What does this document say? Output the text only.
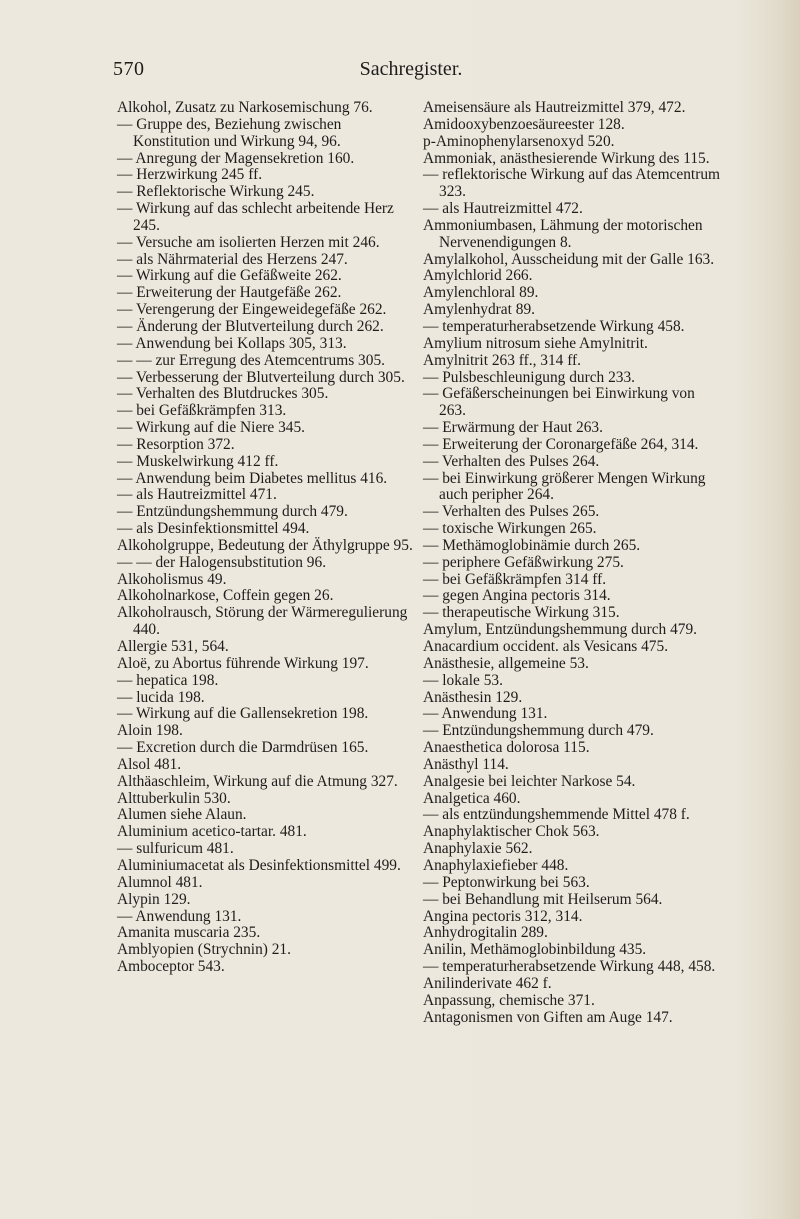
570	Sachregister.
Alkohol, Zusatz zu Narkosemischung 76.
— Gruppe des, Beziehung zwischen Konstitution und Wirkung 94, 96.
— Anregung der Magensekretion 160.
— Herzwirkung 245 ff.
— Reflektorische Wirkung 245.
— Wirkung auf das schlecht arbeitende Herz 245.
— Versuche am isolierten Herzen mit 246.
— als Nährmaterial des Herzens 247.
— Wirkung auf die Gefäßweite 262.
— Erweiterung der Hautgefäße 262.
— Verengerung der Eingeweidegefäße 262.
— Änderung der Blutverteilung durch 262.
— Anwendung bei Kollaps 305, 313.
— — zur Erregung des Atemcentrums 305.
— Verbesserung der Blutverteilung durch 305.
— Verhalten des Blutdruckes 305.
— bei Gefäßkrämpfen 313.
— Wirkung auf die Niere 345.
— Resorption 372.
— Muskelwirkung 412 ff.
— Anwendung beim Diabetes mellitus 416.
— als Hautreizmittel 471.
— Entzündungshemmung durch 479.
— als Desinfektionsmittel 494.
Alkoholgruppe, Bedeutung der Äthylgruppe 95.
— — der Halogensubstitution 96.
Alkoholismus 49.
Alkoholnarkose, Coffein gegen 26.
Alkoholrausch, Störung der Wärmeregulierung 440.
Allergie 531, 564.
Aloë, zu Abortus führende Wirkung 197.
— hepatica 198.
— lucida 198.
— Wirkung auf die Gallensekretion 198.
Aloin 198.
— Excretion durch die Darmdrüsen 165.
Alsol 481.
Althäaschleim, Wirkung auf die Atmung 327.
Alttuberkulin 530.
Alumen siehe Alaun.
Aluminium acetico-tartar. 481.
— sulfuricum 481.
Aluminiumacetat als Desinfektionsmittel 499.
Alumnol 481.
Alypin 129.
— Anwendung 131.
Amanita muscaria 235.
Amblyopien (Strychnin) 21.
Amboceptor 543.
Ameisensäure als Hautreizmittel 379, 472.
Amidooxybenzoesäureester 128.
p-Aminophenylarsenoxyd 520.
Ammoniak, anästhesierende Wirkung des 115.
— reflektorische Wirkung auf das Atemcentrum 323.
— als Hautreizmittel 472.
Ammoniumbasen, Lähmung der motorischen Nervenendigungen 8.
Amylalkohol, Ausscheidung mit der Galle 163.
Amylchlorid 266.
Amylenchloral 89.
Amylenhydrat 89.
— temperaturherabsetzende Wirkung 458.
Amylium nitrosum siehe Amylnitrit.
Amylnitrit 263 ff., 314 ff.
— Pulsbeschleunigung durch 233.
— Gefäßerscheinungen bei Einwirkung von 263.
— Erwärmung der Haut 263.
— Erweiterung der Coronargefäße 264, 314.
— Verhalten des Pulses 264.
— bei Einwirkung größerer Mengen Wirkung auch peripher 264.
— Verhalten des Pulses 265.
— toxische Wirkungen 265.
— Methämoglobinämie durch 265.
— periphere Gefäßwirkung 275.
— bei Gefäßkrämpfen 314 ff.
— gegen Angina pectoris 314.
— therapeutische Wirkung 315.
Amylum, Entzündungshemmung durch 479.
Anacardium occident. als Vesicans 475.
Anästhesie, allgemeine 53.
— lokale 53.
Anästhesin 129.
— Anwendung 131.
— Entzündungshemmung durch 479.
Anaesthetica dolorosa 115.
Anästhyl 114.
Analgesie bei leichter Narkose 54.
Analgetica 460.
— als entzündungshemmende Mittel 478 f.
Anaphylaktischer Chok 563.
Anaphylaxie 562.
Anaphylaxiefieber 448.
— Peptonwirkung bei 563.
— bei Behandlung mit Heilserum 564.
Angina pectoris 312, 314.
Anhydrogitalin 289.
Anilin, Methämoglobinbildung 435.
— temperaturherabsetzende Wirkung 448, 458.
Anilinderivate 462 f.
Anpassung, chemische 371.
Antagonismen von Giften am Auge 147.
